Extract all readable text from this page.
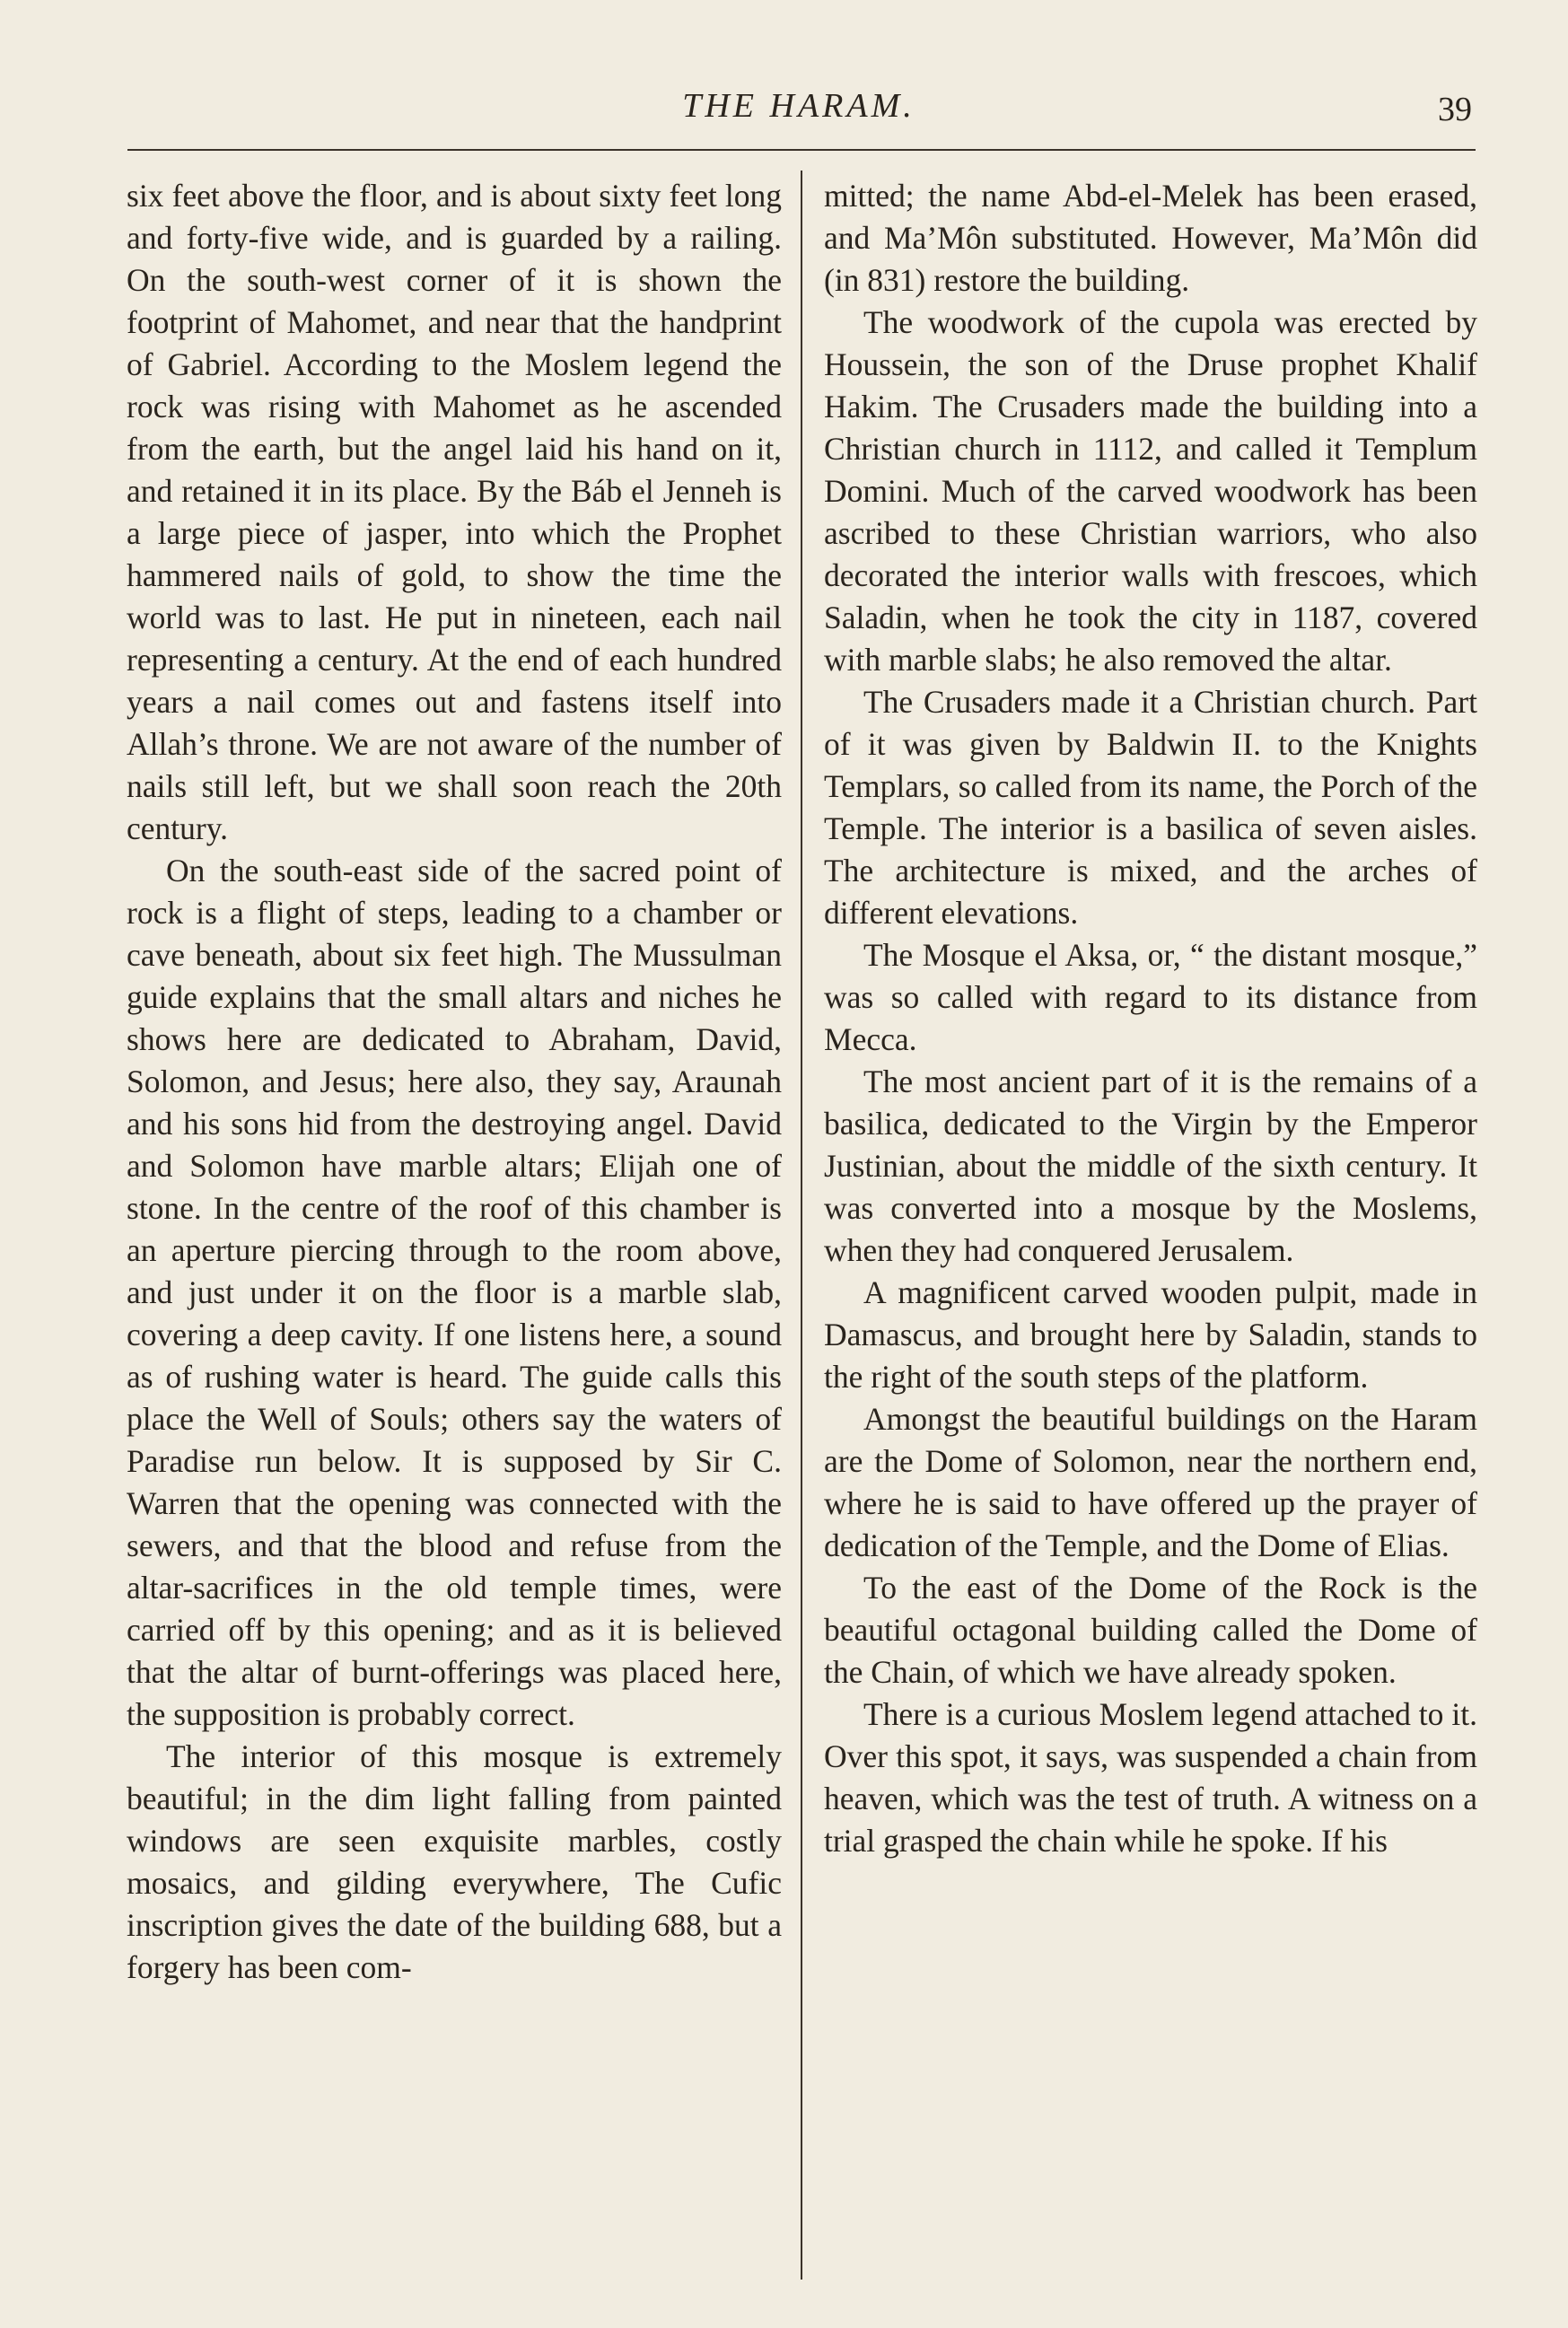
THE HARAM.	39

six feet above the floor, and is about sixty feet long and forty-five wide, and is guarded by a railing. On the south-west corner of it is shown the footprint of Mahomet, and near that the handprint of Gabriel. According to the Moslem legend the rock was rising with Mahomet as he ascended from the earth, but the angel laid his hand on it, and retained it in its place. By the Báb el Jenneh is a large piece of jasper, into which the Prophet hammered nails of gold, to show the time the world was to last. He put in nineteen, each nail representing a century. At the end of each hundred years a nail comes out and fastens itself into Allah’s throne. We are not aware of the number of nails still left, but we shall soon reach the 20th century.

On the south-east side of the sacred point of rock is a flight of steps, leading to a chamber or cave beneath, about six feet high. The Mussulman guide explains that the small altars and niches he shows here are dedicated to Abraham, David, Solomon, and Jesus; here also, they say, Araunah and his sons hid from the destroying angel. David and Solomon have marble altars; Elijah one of stone. In the centre of the roof of this chamber is an aperture piercing through to the room above, and just under it on the floor is a marble slab, covering a deep cavity. If one listens here, a sound as of rushing water is heard. The guide calls this place the Well of Souls; others say the waters of Paradise run below. It is supposed by Sir C. Warren that the opening was connected with the sewers, and that the blood and refuse from the altar-sacrifices in the old temple times, were carried off by this opening; and as it is believed that the altar of burnt-offerings was placed here, the supposition is probably correct.

The interior of this mosque is extremely beautiful; in the dim light falling from painted windows are seen exquisite marbles, costly mosaics, and gilding everywhere, The Cufic inscription gives the date of the building 688, but a forgery has been com-

mitted; the name Abd-el-Melek has been erased, and Ma’Môn substituted. However, Ma’Môn did (in 831) restore the building.

The woodwork of the cupola was erected by Houssein, the son of the Druse prophet Khalif Hakim. The Crusaders made the building into a Christian church in 1112, and called it Templum Domini. Much of the carved woodwork has been ascribed to these Christian warriors, who also decorated the interior walls with frescoes, which Saladin, when he took the city in 1187, covered with marble slabs; he also removed the altar.

The Crusaders made it a Christian church. Part of it was given by Baldwin II. to the Knights Templars, so called from its name, the Porch of the Temple. The interior is a basilica of seven aisles. The architecture is mixed, and the arches of different elevations.

The Mosque el Aksa, or, “ the distant mosque,” was so called with regard to its distance from Mecca.

The most ancient part of it is the remains of a basilica, dedicated to the Virgin by the Emperor Justinian, about the middle of the sixth century. It was converted into a mosque by the Moslems, when they had conquered Jerusalem.

A magnificent carved wooden pulpit, made in Damascus, and brought here by Saladin, stands to the right of the south steps of the platform.

Amongst the beautiful buildings on the Haram are the Dome of Solomon, near the northern end, where he is said to have offered up the prayer of dedication of the Temple, and the Dome of Elias.

To the east of the Dome of the Rock is the beautiful octagonal building called the Dome of the Chain, of which we have already spoken.

There is a curious Moslem legend attached to it. Over this spot, it says, was suspended a chain from heaven, which was the test of truth. A witness on a trial grasped the chain while he spoke. If his
